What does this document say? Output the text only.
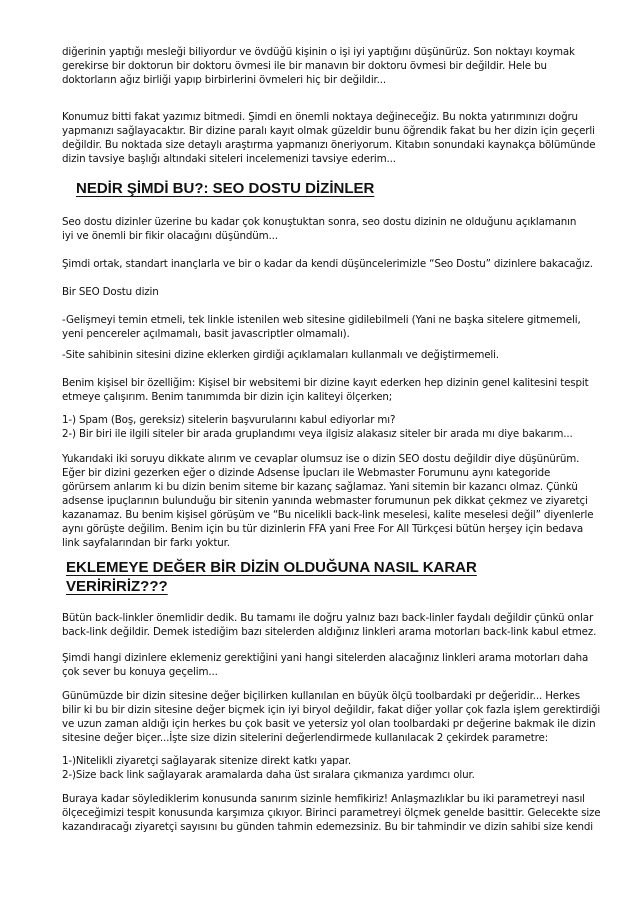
diğerinin yaptığı mesleği biliyordur ve övdüğü kişinin o işi iyi yaptığını düşünürüz. Son noktayı koymak
gerekirse bir doktorun bir doktoru övmesi ile bir manavın bir doktoru övmesi bir değildir. Hele bu
doktorların ağız birliği yapıp birbirlerini övmeleri hiç bir değildir...
Konumuz bitti fakat yazımız bitmedi. Şimdi en önemli noktaya değineceğiz. Bu nokta yatırımınızı doğru
yapmanızı sağlayacaktır. Bir dizine paralı kayıt olmak güzeldir bunu öğrendik fakat bu her dizin için geçerli
değildir. Bu noktada size detaylı araştırma yapmanızı öneriyorum. Kitabın sonundaki kaynakça bölümünde
dizin tavsiye başlığı altındaki siteleri incelemenizi tavsiye ederim...
NEDİR ŞİMDİ BU?: SEO DOSTU DİZİNLER
Seo dostu dizinler üzerine bu kadar çok konuştuktan sonra, seo dostu dizinin ne olduğunu açıklamanın
iyi ve önemli bir fikir olacağını düşündüm...
Şimdi ortak, standart inançlarla ve bir o kadar da kendi düşüncelerimizle “Seo Dostu” dizinlere bakacağız.
Bir SEO Dostu dizin
-Gelişmeyi temin etmeli, tek linkle istenilen web sitesine gidilebilmeli (Yani ne başka sitelere gitmemeli,
yeni pencereler açılmamalı, basit javascriptler olmamalı).
-Site sahibinin sitesini dizine eklerken girdiği açıklamaları kullanmalı ve değiştirmemeli.
Benim kişisel bir özelliğim: Kişisel bir websitemi bir dizine kayıt ederken hep dizinin genel kalitesini tespit
etmeye çalışırım. Benim tanımımda bir dizin için kaliteyi ölçerken;
1-) Spam (Boş, gereksiz) sitelerin başvurularını kabul ediyorlar mı?
2-) Bir biri ile ilgili siteler bir arada gruplandımı veya ilgisiz alakasız siteler bir arada mı diye bakarım...
Yukarıdaki iki soruyu dikkate alırım ve cevaplar olumsuz ise o dizin SEO dostu değildir diye düşünürüm.
Eğer bir dizini gezerken eğer o dizinde Adsense İpucları ile Webmaster Forumunu aynı kategoride
görürsem anlarım ki bu dizin benim siteme bir kazanç sağlamaz. Yani sitemin bir kazancı olmaz. Çünkü
adsense ipuçlarının bulunduğu bir sitenin yanında webmaster forumunun pek dikkat çekmez ve ziyaretçi
kazanamaz. Bu benim kişisel görüşüm ve “Bu nicelikli back-link meselesi, kalite meselesi değil” diyenlerle
aynı görüşte değilim. Benim için bu tür dizinlerin FFA yani Free For All Türkçesi bütün herşey için bedava
link sayfalarından bir farkı yoktur.
EKLEMEYE DEĞER BİR DİZİN OLDUĞUNA NASIL KARAR
VERİRİRİZ???
Bütün back-linkler önemlidir dedik. Bu tamamı ile doğru yalnız bazı back-linler faydalı değildir çünkü onlar
back-link değildir. Demek istediğim bazı sitelerden aldığınız linkleri arama motorları back-link kabul etmez.
Şimdi hangi dizinlere eklemeniz gerektiğini yani hangi sitelerden alacağınız linkleri arama motorları daha
çok sever bu konuya geçelim...
Günümüzde bir dizin sitesine değer biçilirken kullanılan en büyük ölçü toolbardaki pr değeridir... Herkes
bilir ki bu bir dizin sitesine değer biçmek için iyi biryol değildir, fakat diğer yollar çok fazla işlem gerektirdiği
ve uzun zaman aldığı için herkes bu çok basit ve yetersiz yol olan toolbardaki pr değerine bakmak ile dizin
sitesine değer biçer...İşte size dizin sitelerini değerlendirmede kullanılacak 2 çekirdek parametre:
1-)Nitelikli ziyaretçi sağlayarak sitenize direkt katkı yapar.
2-)Size back link sağlayarak aramalarda daha üst sıralara çıkmanıza yardımcı olur.
Buraya kadar söylediklerim konusunda sanırım sizinle hemfikiriz! Anlaşmazlıklar bu iki parametreyi nasıl
ölçeceğimizi tespit konusunda karşımıza çıkıyor. Birinci parametreyi ölçmek genelde basittir. Gelecekte size
kazandıracağı ziyaretçi sayısını bu günden tahmin edemezsiniz. Bu bir tahmindir ve dizin sahibi size kendi
